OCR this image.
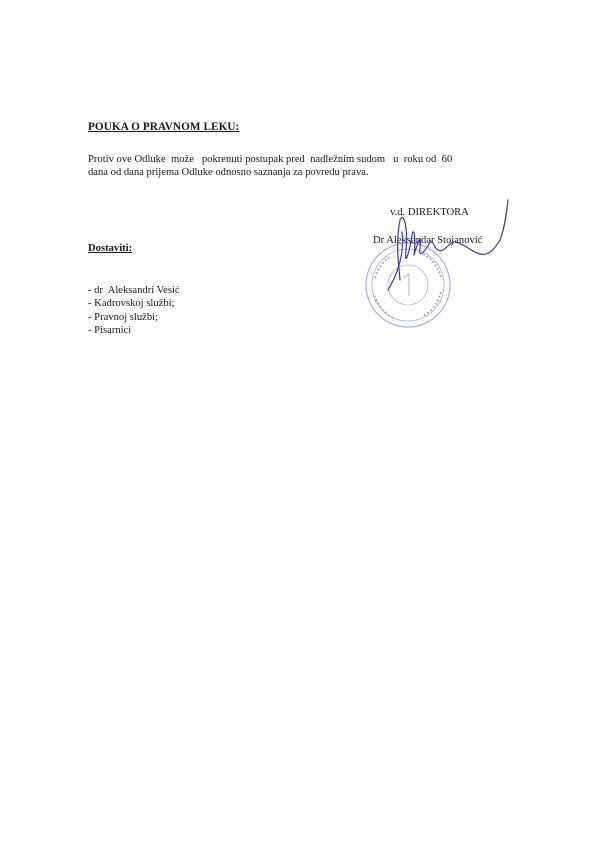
POUKA O PRAVNOM LEKU:
Protiv ove Odluke  može   pokrenuti postupak pred  nadležnim sudom   u  roku od  60
dana od dana prijema Odluke odnosno saznanja za povredu prava.
v.d. DIREKTORA
Dr Aleksandar Stojanović
Dostaviti:
- dr  Aleksandri Vesić
- Kadrovskoj službi;
- Pravnoj službi;
- Pisarnici
